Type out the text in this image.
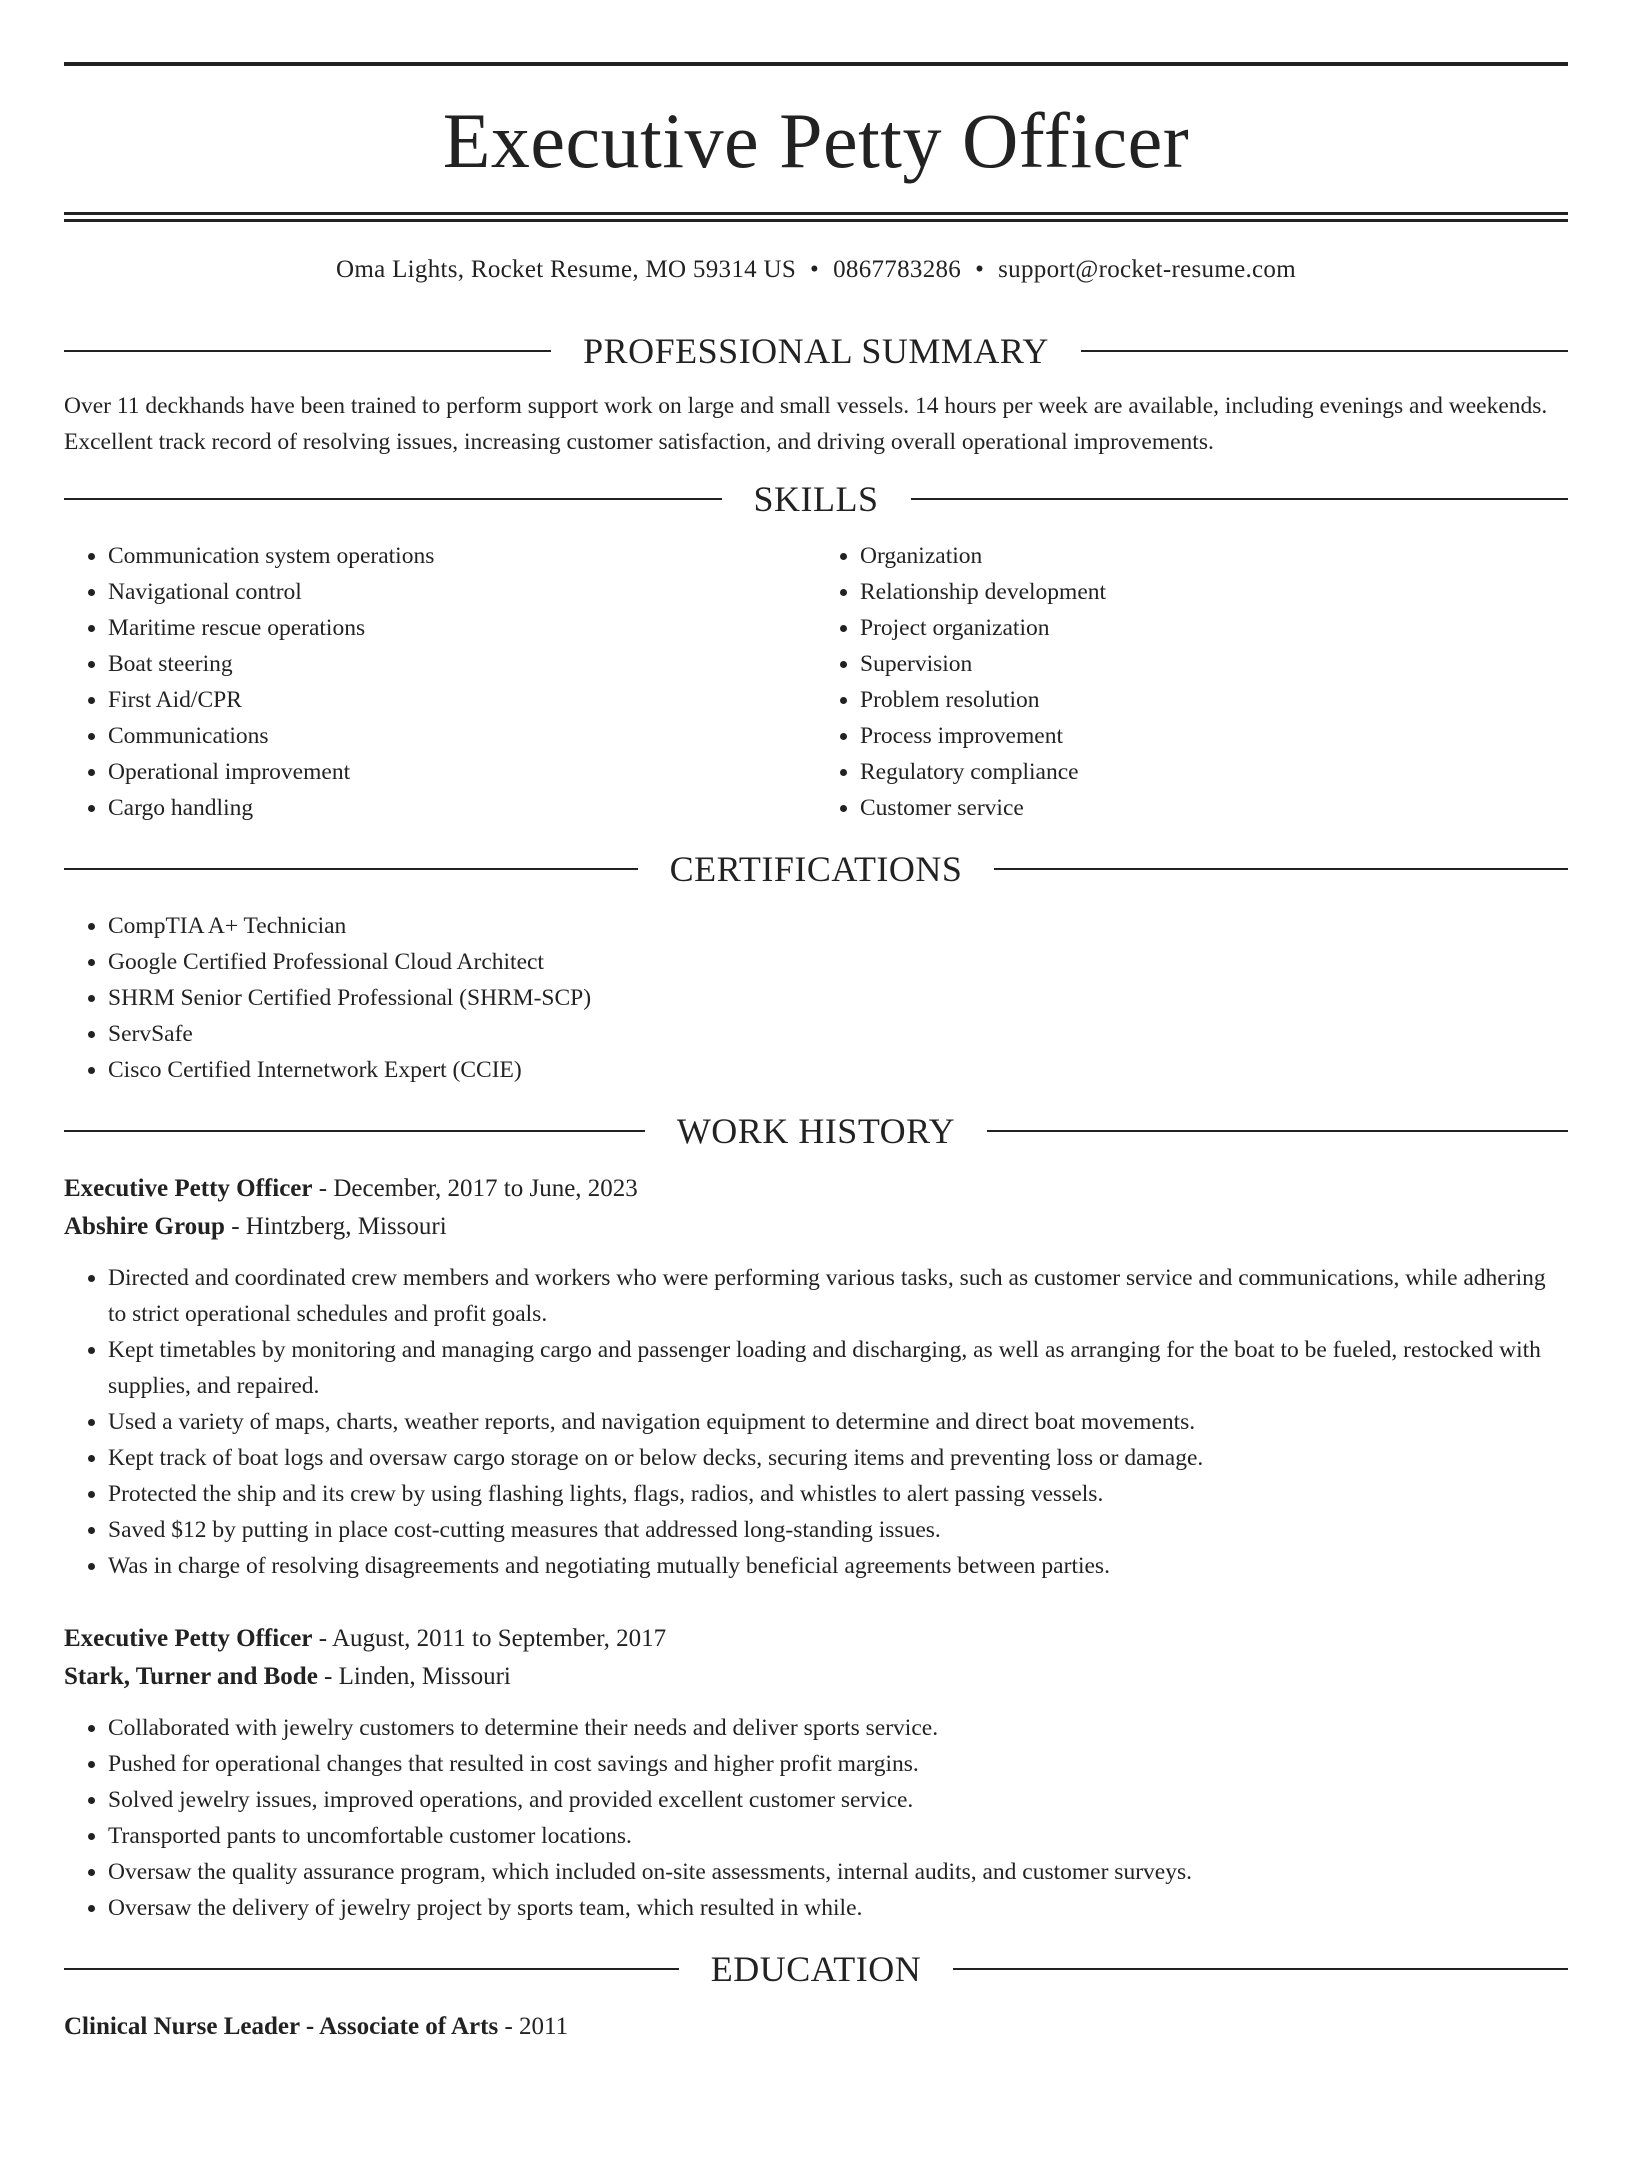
Executive Petty Officer
Oma Lights, Rocket Resume, MO 59314 US • 0867783286 • support@rocket-resume.com
PROFESSIONAL SUMMARY

Over 11 deckhands have been trained to perform support work on large and small vessels. 14 hours per week are available, including evenings and weekends. Excellent track record of resolving issues, increasing customer satisfaction, and driving overall operational improvements.

SKILLS
• Communication system operations
• Navigational control
• Maritime rescue operations
• Boat steering
• First Aid/CPR
• Communications
• Operational improvement
• Cargo handling
• Organization
• Relationship development
• Project organization
• Supervision
• Problem resolution
• Process improvement
• Regulatory compliance
• Customer service
CERTIFICATIONS
• CompTIA A+ Technician
• Google Certified Professional Cloud Architect
• SHRM Senior Certified Professional (SHRM-SCP)
• ServSafe
• Cisco Certified Internetwork Expert (CCIE)
WORK HISTORY
Executive Petty Officer - December, 2017 to June, 2023
Abshire Group - Hintzberg, Missouri
• Directed and coordinated crew members and workers who were performing various tasks, such as customer service and communications, while adhering to strict operational schedules and profit goals.
• Kept timetables by monitoring and managing cargo and passenger loading and discharging, as well as arranging for the boat to be fueled, restocked with supplies, and repaired.
• Used a variety of maps, charts, weather reports, and navigation equipment to determine and direct boat movements.
• Kept track of boat logs and oversaw cargo storage on or below decks, securing items and preventing loss or damage.
• Protected the ship and its crew by using flashing lights, flags, radios, and whistles to alert passing vessels.
• Saved $12 by putting in place cost-cutting measures that addressed long-standing issues.
• Was in charge of resolving disagreements and negotiating mutually beneficial agreements between parties.
Executive Petty Officer - August, 2011 to September, 2017
Stark, Turner and Bode - Linden, Missouri
• Collaborated with jewelry customers to determine their needs and deliver sports service.
• Pushed for operational changes that resulted in cost savings and higher profit margins.
• Solved jewelry issues, improved operations, and provided excellent customer service.
• Transported pants to uncomfortable customer locations.
• Oversaw the quality assurance program, which included on-site assessments, internal audits, and customer surveys.
• Oversaw the delivery of jewelry project by sports team, which resulted in while.
EDUCATION
Clinical Nurse Leader - Associate of Arts - 2011
